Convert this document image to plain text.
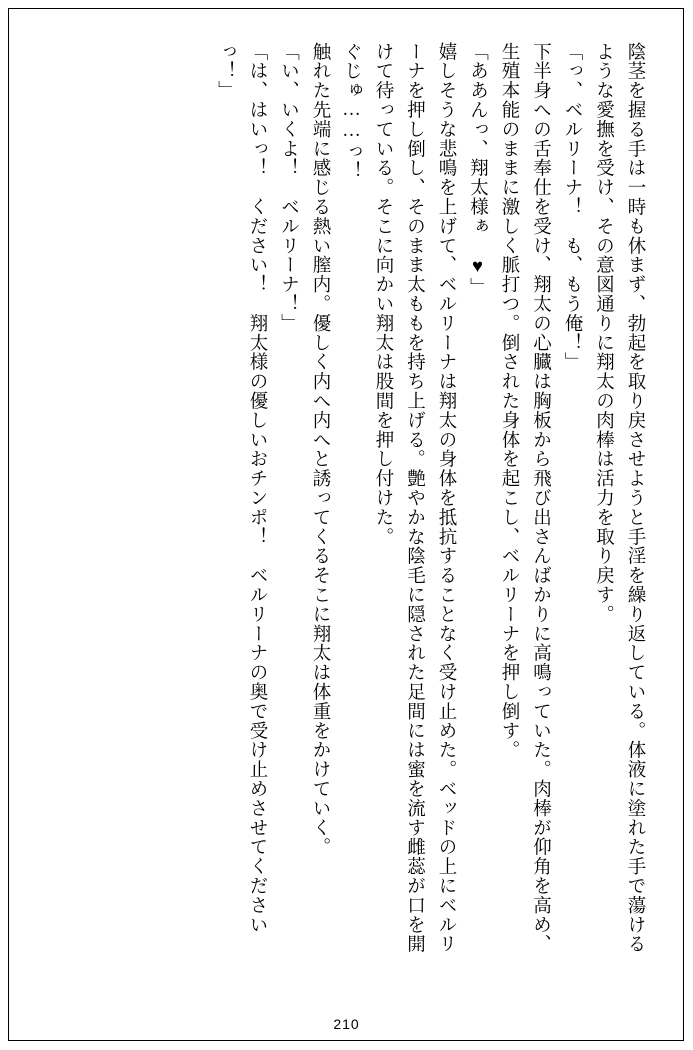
陰茎を握る手は一時も休まず、勃起を取り戻させようと手淫を繰り返している。体液に塗れた手で蕩けるような愛撫を受け、その意図通りに翔太の肉棒は活力を取り戻す。

「っ、ベルリーナ！　も、もう俺！」

下半身への舌奉仕を受け、翔太の心臓は胸板から飛び出さんばかりに高鳴っていた。肉棒が仰角を高め、生殖本能のままに激しく脈打つ。倒された身体を起こし、ベルリーナを押し倒す。

「ああんっ、翔太様ぁ ♥」

嬉しそうな悲鳴を上げて、ベルリーナは翔太の身体を抵抗することなく受け止めた。ベッドの上にベルリーナを押し倒し、そのまま太ももを持ち上げる。艶やかな陰毛に隠された足間には蜜を流す雌蕊が口を開けて待っている。そこに向かい翔太は股間を押し付けた。

ぐじゅ……っ！

触れた先端に感じる熱い膣内。優しく内へ内へと誘ってくるそこに翔太は体重をかけていく。

「い、いくよ！　ベルリーナ！」

「は、はいっ！　ください！　翔太様の優しいおチンポ！　ベルリーナの奥で受け止めさせてくださいっ！」

210
